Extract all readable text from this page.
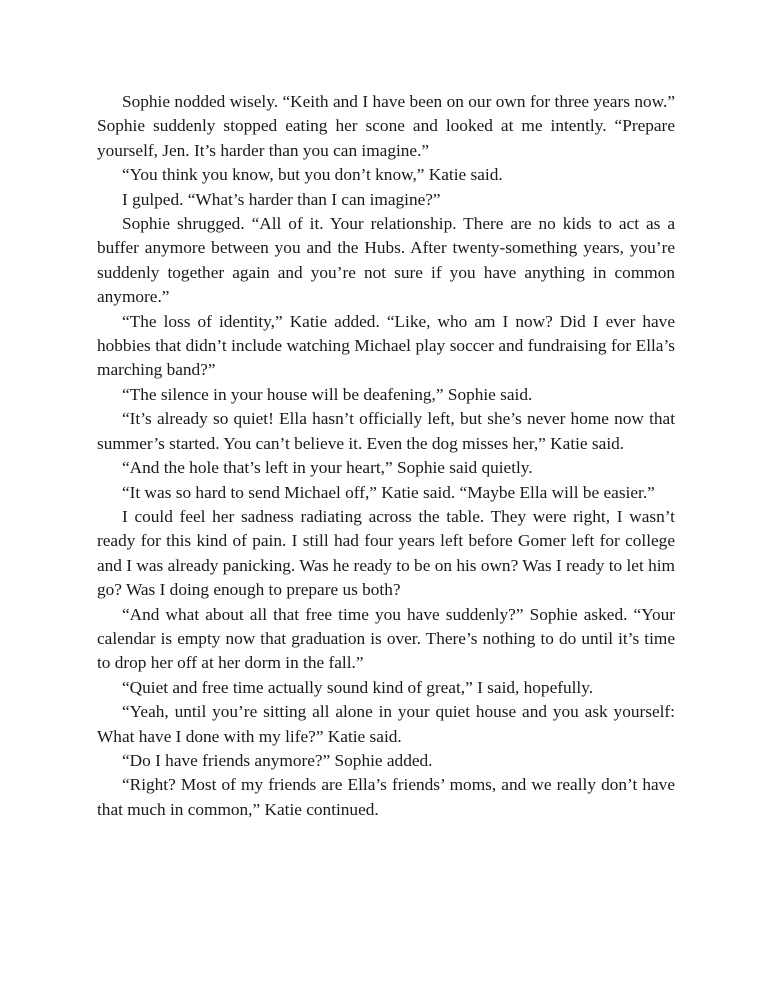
Sophie nodded wisely. “Keith and I have been on our own for three years now.” Sophie suddenly stopped eating her scone and looked at me intently. “Prepare yourself, Jen. It’s harder than you can imagine.”

“You think you know, but you don’t know,” Katie said.

I gulped. “What’s harder than I can imagine?”

Sophie shrugged. “All of it. Your relationship. There are no kids to act as a buffer anymore between you and the Hubs. After twenty-something years, you’re suddenly together again and you’re not sure if you have anything in common anymore.”

“The loss of identity,” Katie added. “Like, who am I now? Did I ever have hobbies that didn’t include watching Michael play soccer and fundraising for Ella’s marching band?”

“The silence in your house will be deafening,” Sophie said.

“It’s already so quiet! Ella hasn’t officially left, but she’s never home now that summer’s started. You can’t believe it. Even the dog misses her,” Katie said.

“And the hole that’s left in your heart,” Sophie said quietly.

“It was so hard to send Michael off,” Katie said. “Maybe Ella will be easier.”

I could feel her sadness radiating across the table. They were right, I wasn’t ready for this kind of pain. I still had four years left before Gomer left for college and I was already panicking. Was he ready to be on his own? Was I ready to let him go? Was I doing enough to prepare us both?

“And what about all that free time you have suddenly?” Sophie asked. “Your calendar is empty now that graduation is over. There’s nothing to do until it’s time to drop her off at her dorm in the fall.”

“Quiet and free time actually sound kind of great,” I said, hopefully.

“Yeah, until you’re sitting all alone in your quiet house and you ask yourself: What have I done with my life?” Katie said.

“Do I have friends anymore?” Sophie added.

“Right? Most of my friends are Ella’s friends’ moms, and we really don’t have that much in common,” Katie continued.
